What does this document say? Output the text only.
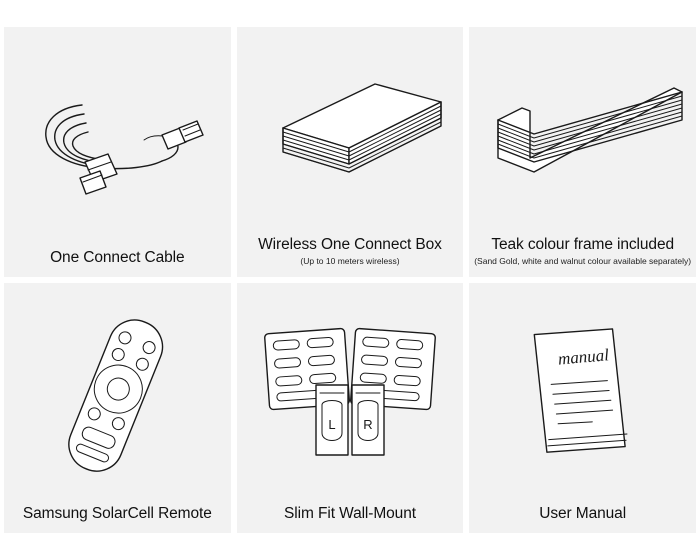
One Connect Cable
Wireless One Connect Box
(Up to 10 meters wireless)
Teak colour frame included
(Sand Gold, white and walnut colour available separately)
Samsung SolarCell Remote
L R
Slim Fit Wall-Mount
manual
User Manual
